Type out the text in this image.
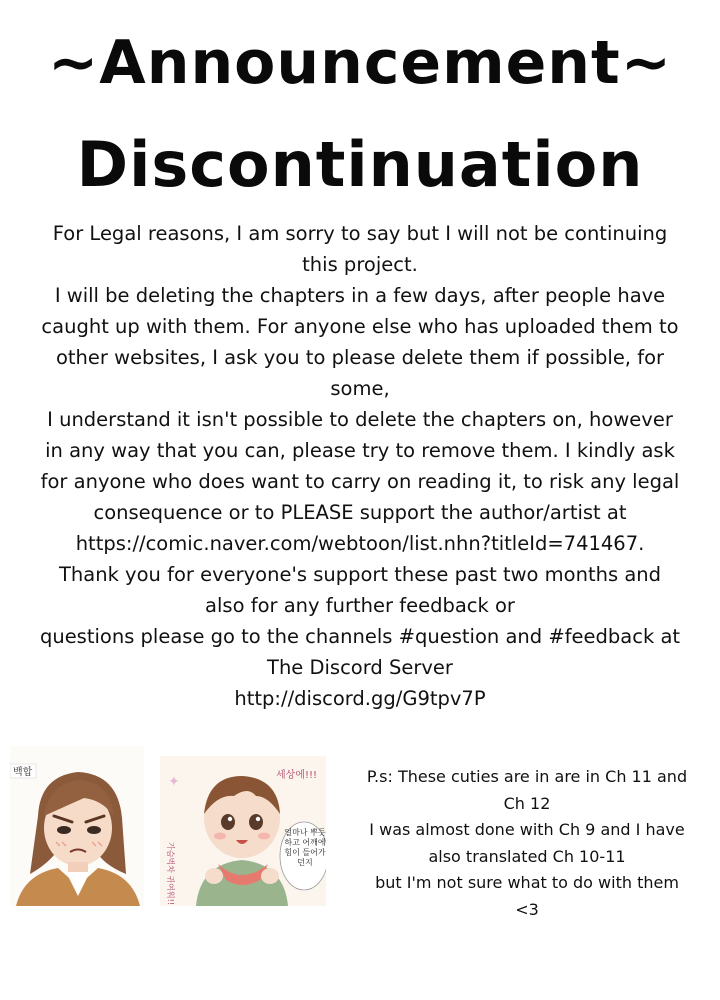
~Announcement~
Discontinuation
For Legal reasons, I am sorry to say but I will not be continuing
this project.
I will be deleting the chapters in a few days, after people have
caught up with them. For anyone else who has uploaded them to
other websites, I ask you to please delete them if possible, for
some,
I understand it isn't possible to delete the chapters on, however
in any way that you can, please try to remove them. I kindly ask
for anyone who does want to carry on reading it, to risk any legal
consequence or to PLEASE support the author/artist at
https://comic.naver.com/webtoon/list.nhn?titleId=741467.
Thank you for everyone's support these past two months and
also for any further feedback or
questions please go to the channels #question and #feedback at
The Discord Server
http://discord.gg/G9tpv7P
백합
✦	세상에!!!
가슴벅차 귀여워!!
얼마나 뿌듯하고 어깨에 힘이 들어가던지
P.s: These cuties are in are in Ch 11 and
Ch 12
I was almost done with Ch 9 and I have
also translated Ch 10-11
but I'm not sure what to do with them
<3
